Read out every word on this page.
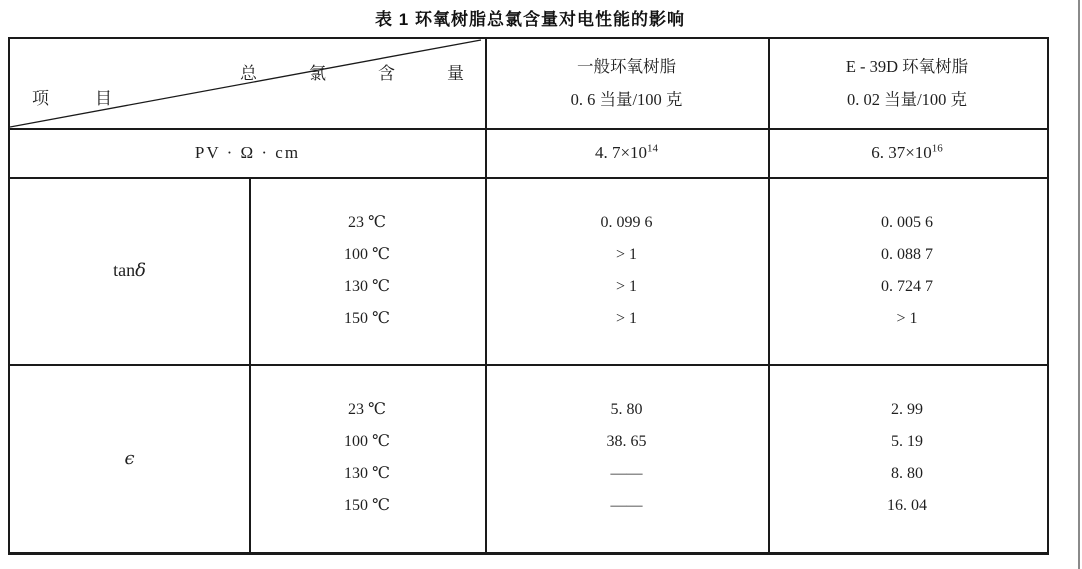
表 1 环氧树脂总氯含量对电性能的影响
总氯含量
项目
一般环氧树脂
0. 6 当量/100 克
E - 39D 环氧树脂
0. 02 当量/100 克
PV · Ω · cm	4. $7\times 10^{14}$	6. $37\times 10^{16}$
tanδ
23 ℃
100 ℃
130 ℃
150 ℃
0. 099 6
> 1
> 1
> 1
0. 005 6
0. 088 7
0. 724 7
> 1
ϵ
23 ℃
100 ℃
130 ℃
150 ℃
5. 80
38. 65
——
——
2. 99
5. 19
8. 80
16. 04
